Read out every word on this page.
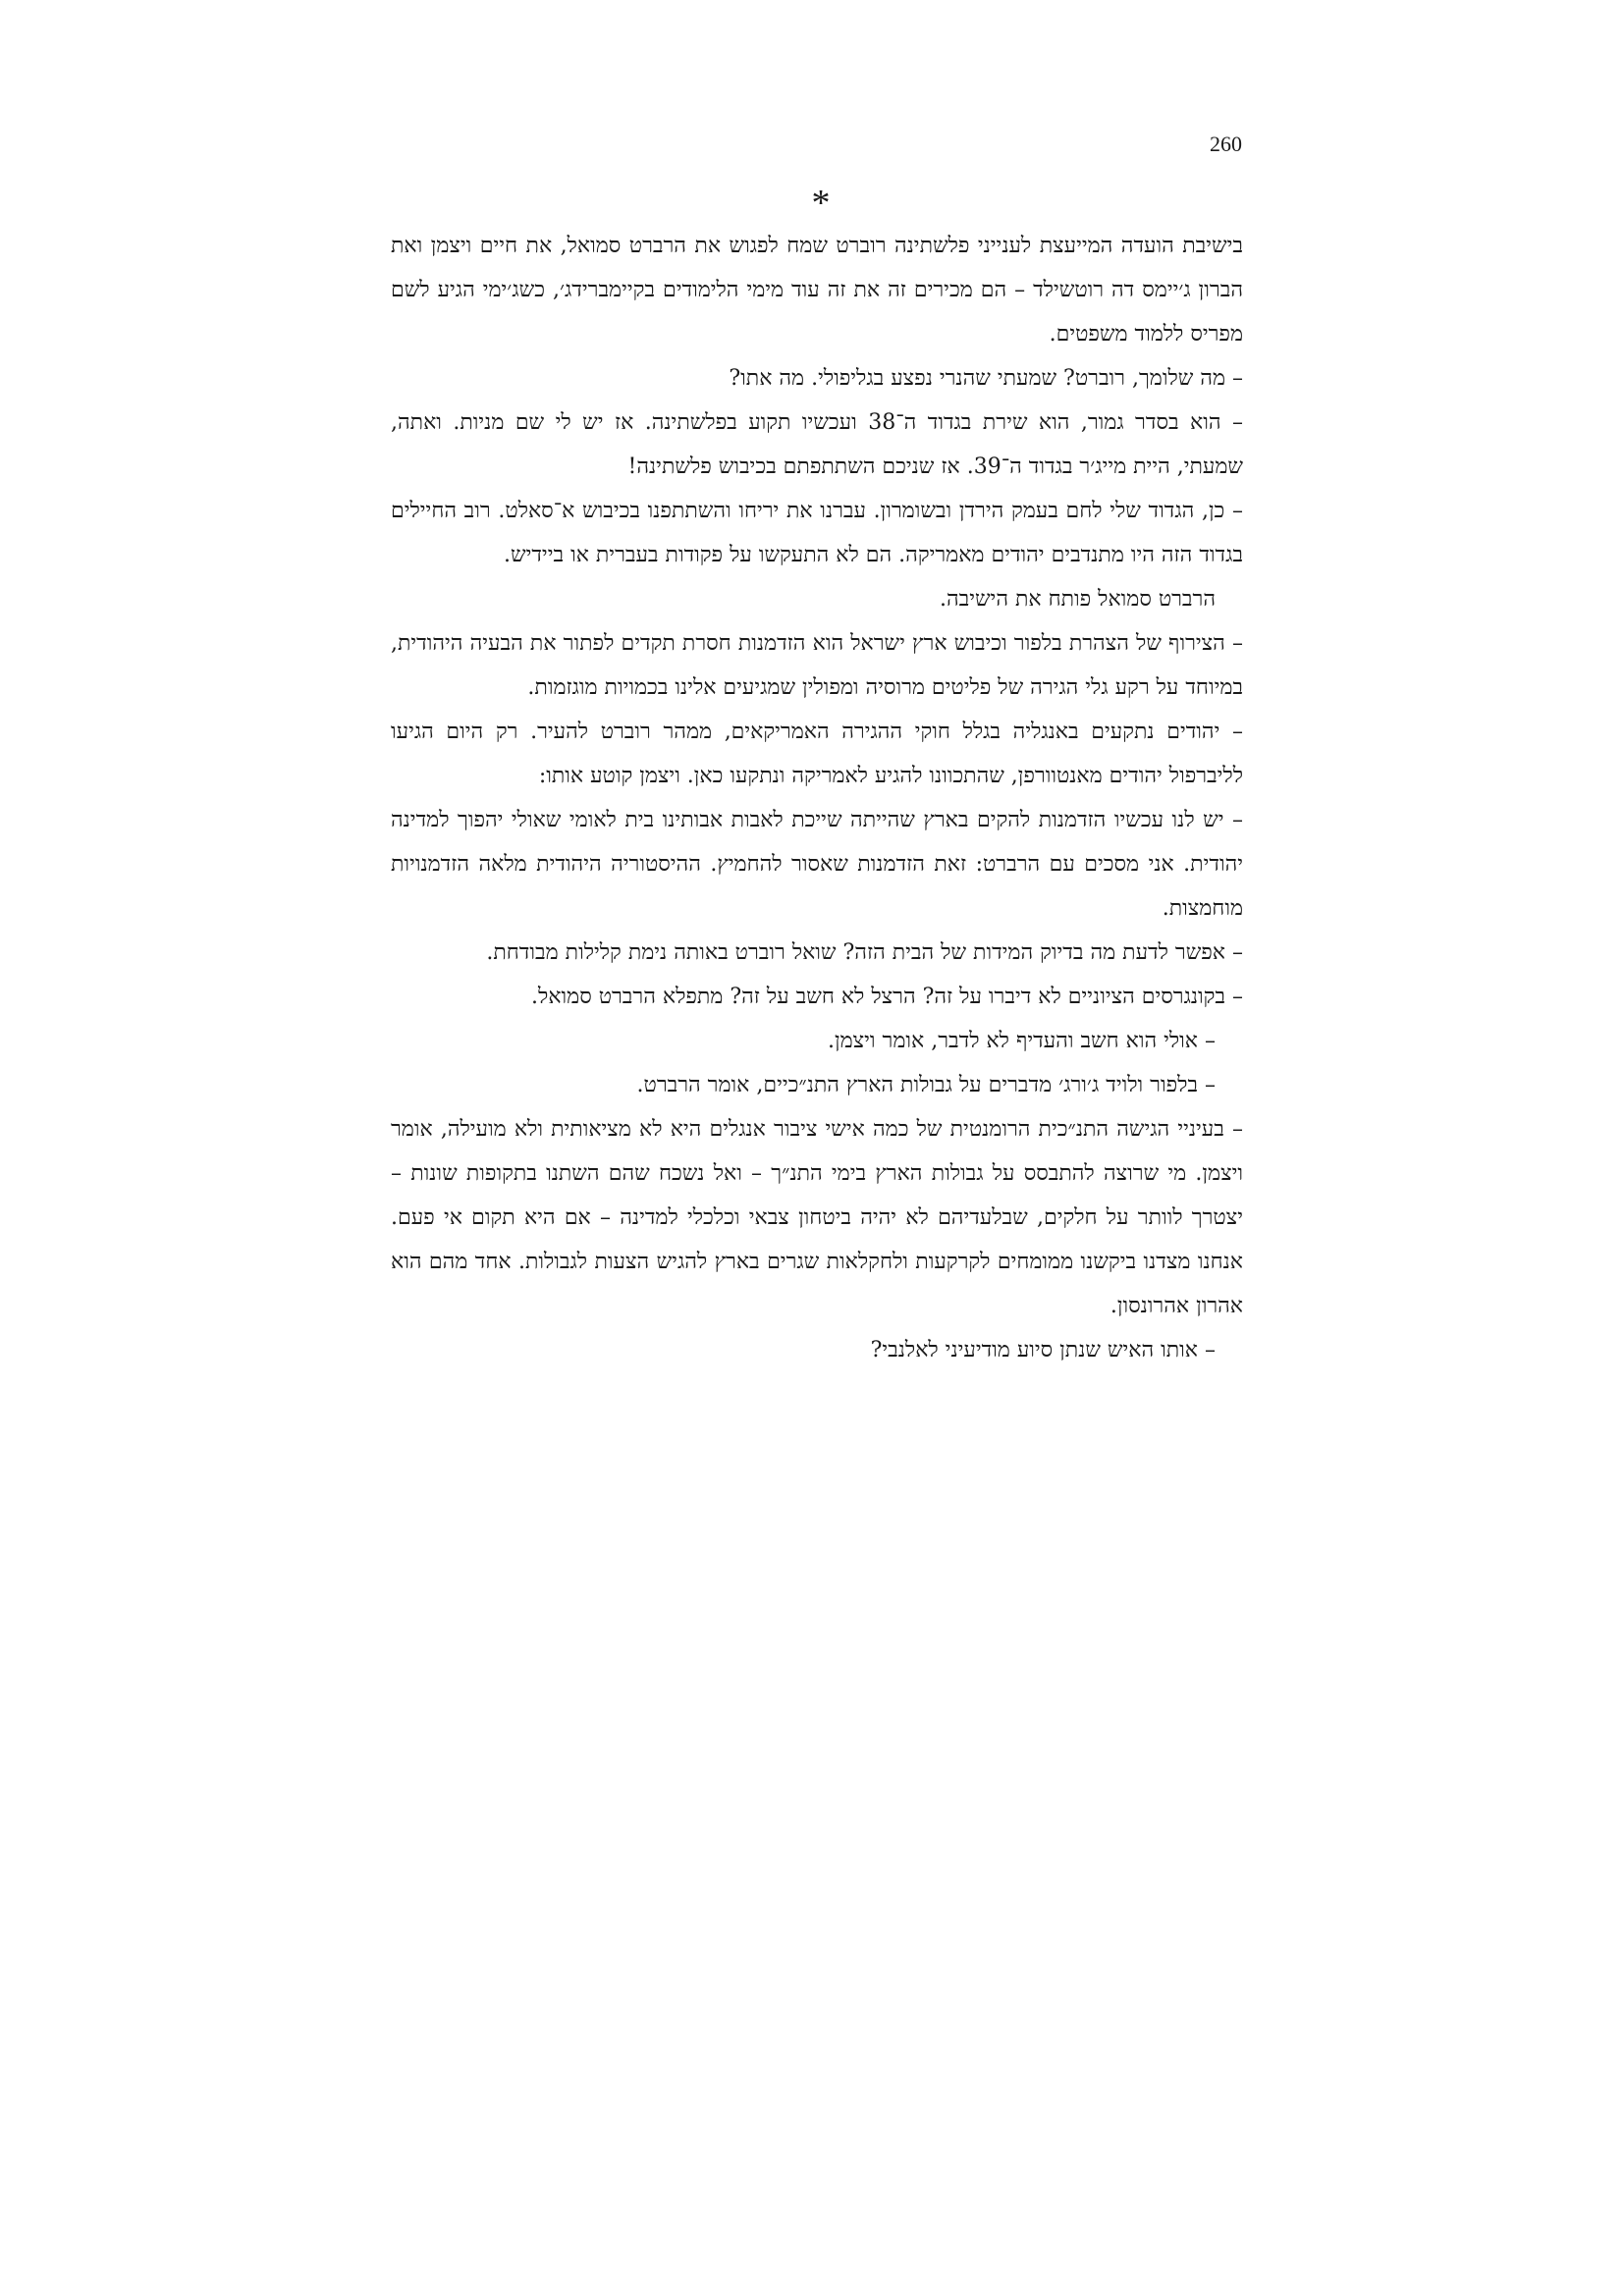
260
*

בישיבת הועדה המייעצת לענייני פלשתינה רוברט שמח לפגוש את הרברט סמואל, את חיים ויצמן ואת הברון ג׳יימס דה רוטשילד – הם מכירים זה את זה עוד מימי הלימודים בקיימברידג׳, כשג׳ימי הגיע לשם מפריס ללמוד משפטים.

– מה שלומך, רוברט? שמעתי שהנרי נפצע בגליפולי. מה אתו?

– הוא בסדר גמור, הוא שירת בגדוד ה־38 ועכשיו תקוע בפלשתינה. אז יש לי שם מניות. ואתה, שמעתי, היית מייג׳ר בגדוד ה־39. אז שניכם השתתפתם בכיבוש פלשתינה!

– כן, הגדוד שלי לחם בעמק הירדן ובשומרון. עברנו את יריחו והשתתפנו בכיבוש א־סאלט. רוב החיילים בגדוד הזה היו מתנדבים יהודים מאמריקה. הם לא התעקשו על פקודות בעברית או ביידיש.

הרברט סמואל פותח את הישיבה.

– הצירוף של הצהרת בלפור וכיבוש ארץ ישראל הוא הזדמנות חסרת תקדים לפתור את הבעיה היהודית, במיוחד על רקע גלי הגירה של פליטים מרוסיה ומפולין שמגיעים אלינו בכמויות מוגזמות.

– יהודים נתקעים באנגליה בגלל חוקי ההגירה האמריקאים, ממהר רוברט להעיר. רק היום הגיעו לליברפול יהודים מאנטוורפן, שהתכוונו להגיע לאמריקה ונתקעו כאן. ויצמן קוטע אותו:

– יש לנו עכשיו הזדמנות להקים בארץ שהייתה שייכת לאבות אבותינו בית לאומי שאולי יהפוך למדינה יהודית. אני מסכים עם הרברט: זאת הזדמנות שאסור להחמיץ. ההיסטוריה היהודית מלאה הזדמנויות מוחמצות.

– אפשר לדעת מה בדיוק המידות של הבית הזה? שואל רוברט באותה נימת קלילות מבודחת.

– בקונגרסים הציוניים לא דיברו על זה? הרצל לא חשב על זה? מתפלא הרברט סמואל.

– אולי הוא חשב והעדיף לא לדבר, אומר ויצמן.

– בלפור ולויד ג׳ורג׳ מדברים על גבולות הארץ התנ״כיים, אומר הרברט.

– בעיניי הגישה התנ״כית הרומנטית של כמה אישי ציבור אנגלים היא לא מציאותית ולא מועילה, אומר ויצמן. מי שרוצה להתבסס על גבולות הארץ בימי התנ״ך – ואל נשכח שהם השתנו בתקופות שונות – יצטרך לוותר על חלקים, שבלעדיהם לא יהיה ביטחון צבאי וכלכלי למדינה – אם היא תקום אי פעם. אנחנו מצדנו ביקשנו ממומחים לקרקעות ולחקלאות שגרים בארץ להגיש הצעות לגבולות. אחד מהם הוא אהרון אהרונסון.

– אותו האיש שנתן סיוע מודיעיני לאלנבי?
